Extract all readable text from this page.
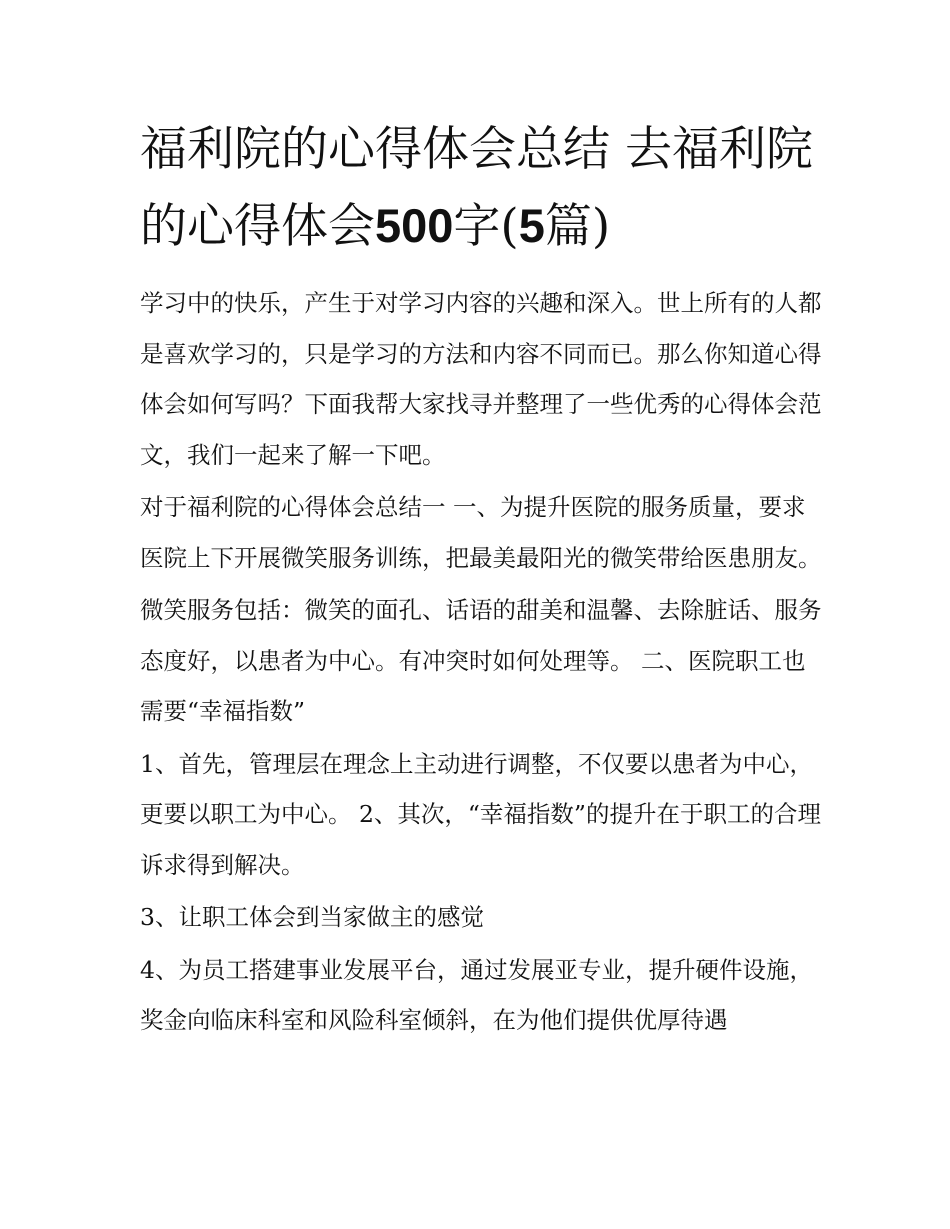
福利院的心得体会总结 去福利院的心得体会500字(5篇)

学习中的快乐，产生于对学习内容的兴趣和深入。世上所有的人都是喜欢学习的，只是学习的方法和内容不同而已。那么你知道心得体会如何写吗？下面我帮大家找寻并整理了一些优秀的心得体会范文，我们一起来了解一下吧。

对于福利院的心得体会总结一 一、为提升医院的服务质量，要求医院上下开展微笑服务训练，把最美最阳光的微笑带给医患朋友。

微笑服务包括：微笑的面孔、话语的甜美和温馨、去除脏话、服务态度好，以患者为中心。有冲突时如何处理等。 二、医院职工也需要“幸福指数”

1、首先，管理层在理念上主动进行调整，不仅要以患者为中心，更要以职工为中心。 2、其次，“幸福指数”的提升在于职工的合理诉求得到解决。

3、让职工体会到当家做主的感觉

4、为员工搭建事业发展平台，通过发展亚专业，提升硬件设施，奖金向临床科室和风险科室倾斜，在为他们提供优厚待遇
